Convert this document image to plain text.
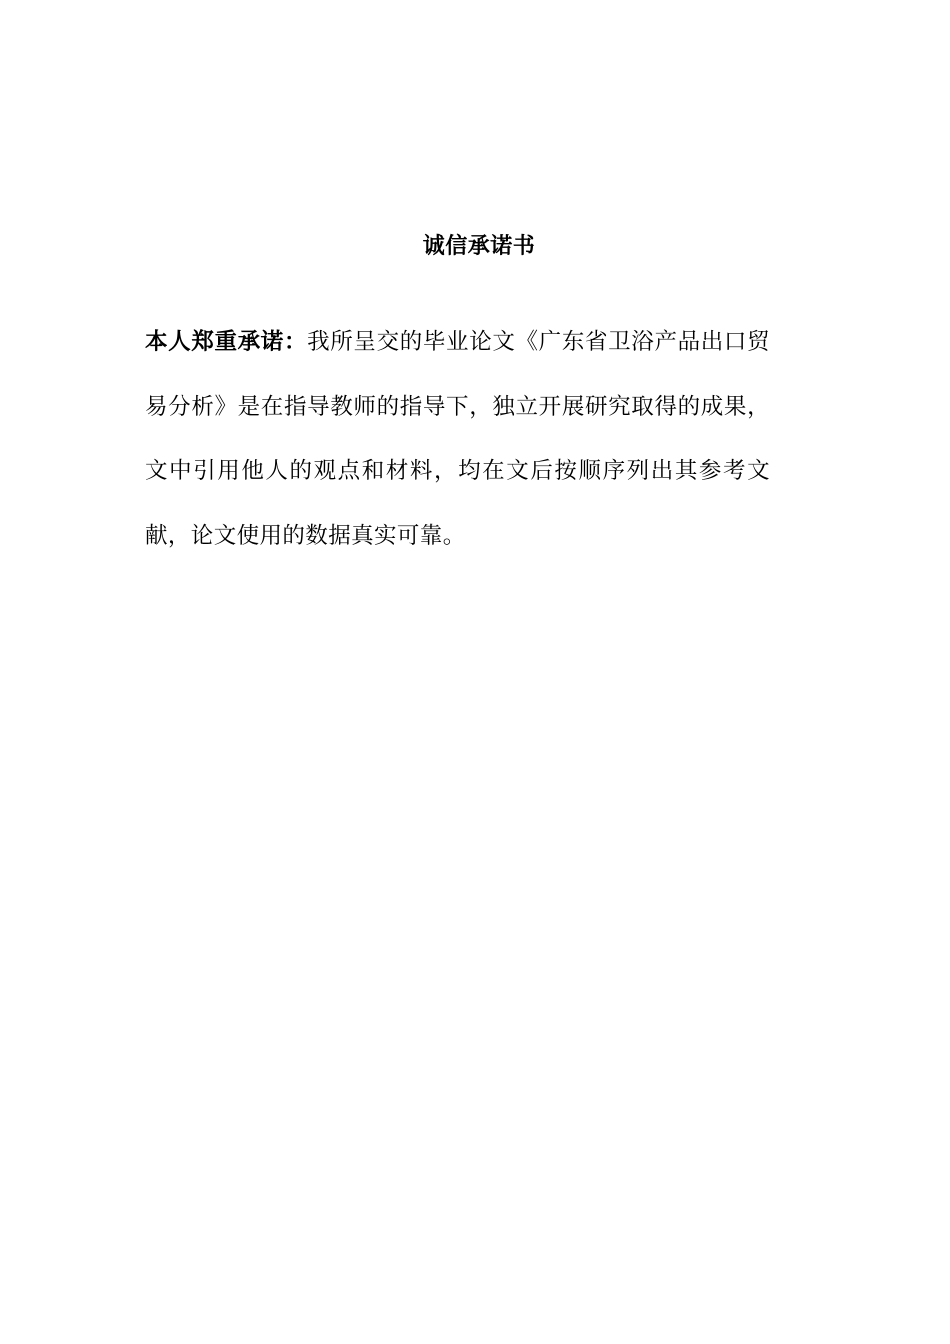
诚信承诺书

本人郑重承诺：我所呈交的毕业论文《广东省卫浴产品出口贸易分析》是在指导教师的指导下，独立开展研究取得的成果，文中引用他人的观点和材料，均在文后按顺序列出其参考文献，论文使用的数据真实可靠。
